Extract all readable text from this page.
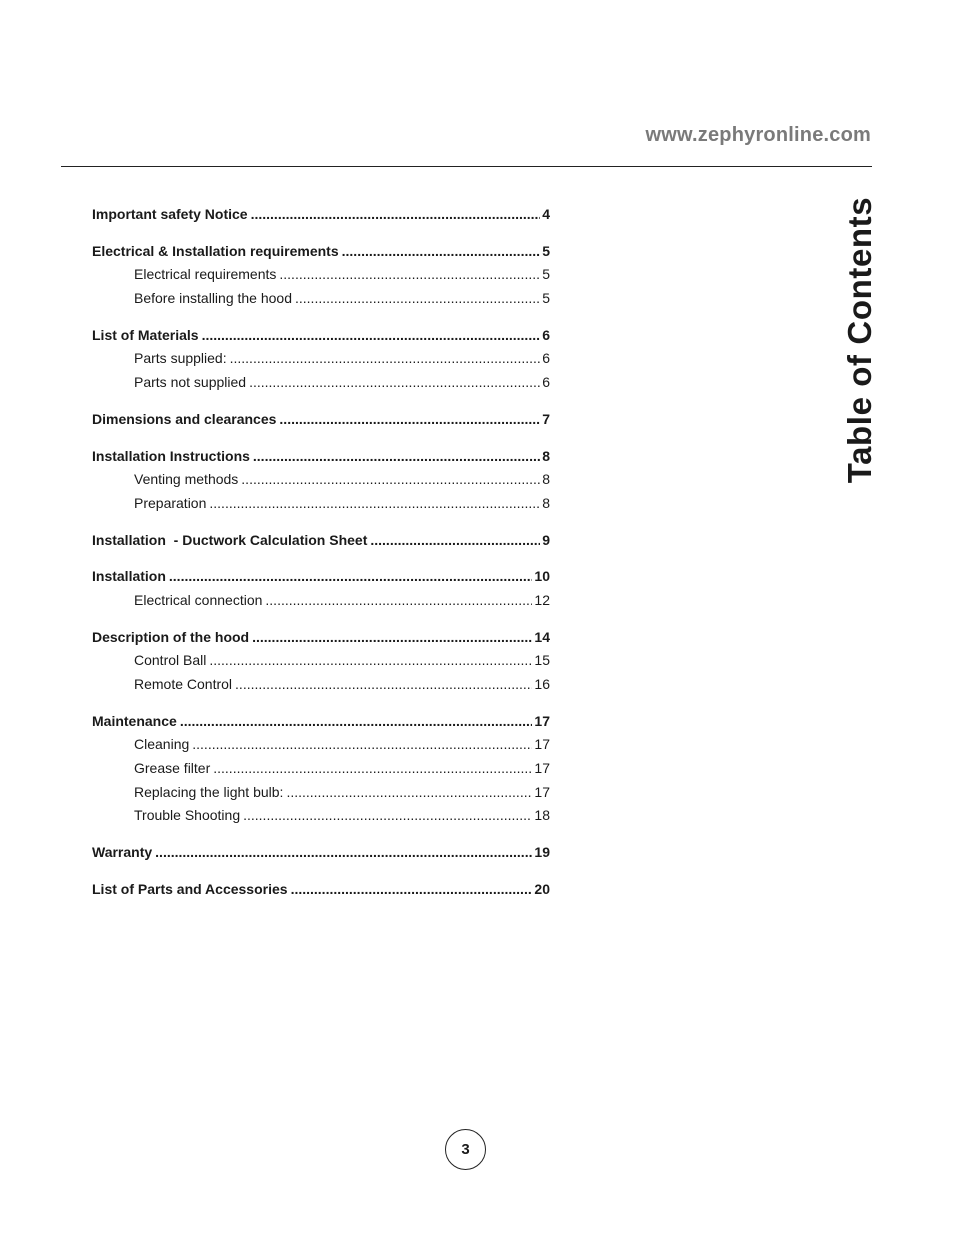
www.zephyronline.com
Table of Contents
Important safety Notice .....	4
Electrical & Installation requirements .....	5
Electrical requirements .....	5
Before installing the hood .....	5
List of Materials .....	6
Parts supplied: .....	6
Parts not supplied .....	6
Dimensions and clearances .....	7
Installation Instructions .....	8
Venting methods .....	8
Preparation .....	8
Installation  - Ductwork Calculation Sheet .....	9
Installation .....	10
Electrical connection .....	12
Description of the hood .....	14
Control Ball .....	15
Remote Control .....	16
Maintenance .....	17
Cleaning .....	17
Grease filter .....	17
Replacing the light bulb: .....	17
Trouble Shooting .....	18
Warranty .....	19
List of Parts and Accessories .....	20
3
